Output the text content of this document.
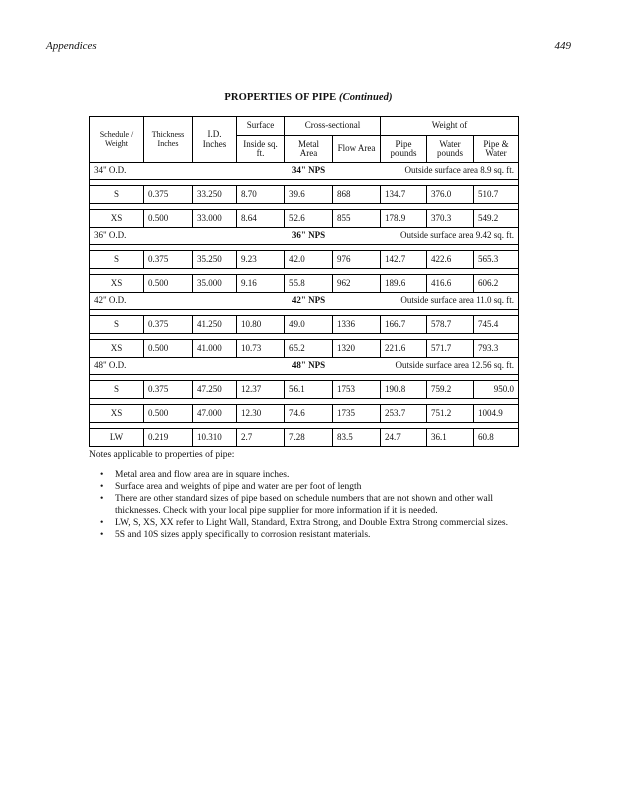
Appendices	449
PROPERTIES OF PIPE (Continued)
Schedule / Weight	Thickness Inches	I.D. Inches	Surface	Cross-sectional		Weight of		
			Inside sq. ft.	Metal Area	Flow Area	Pipe pounds	Water pounds	Pipe & Water
34" O.D.			34" NPS			Outside surface area 8.9 sq. ft.		

S	0.375	33.250	8.70	39.6	868	134.7	376.0	510.7

XS	0.500	33.000	8.64	52.6	855	178.9	370.3	549.2
36" O.D.			36" NPS			Outside surface area 9.42 sq. ft.		

S	0.375	35.250	9.23	42.0	976	142.7	422.6	565.3

XS	0.500	35.000	9.16	55.8	962	189.6	416.6	606.2
42" O.D.			42" NPS			Outside surface area 11.0 sq. ft.		

S	0.375	41.250	10.80	49.0	1336	166.7	578.7	745.4

XS	0.500	41.000	10.73	65.2	1320	221.6	571.7	793.3
48" O.D.			48" NPS			Outside surface area 12.56 sq. ft.		

S	0.375	47.250	12.37	56.1	1753	190.8	759.2	950.0

XS	0.500	47.000	12.30	74.6	1735	253.7	751.2	1004.9

LW	0.219	10.310	2.7	7.28	83.5	24.7	36.1	60.8

Notes applicable to properties of pipe:

• Metal area and flow area are in square inches.
• Surface area and weights of pipe and water are per foot of length
• There are other standard sizes of pipe based on schedule numbers that are not shown and other wall thicknesses. Check with your local pipe supplier for more information if it is needed.
• LW, S, XS, XX refer to Light Wall, Standard, Extra Strong, and Double Extra Strong commercial sizes.
• 5S and 10S sizes apply specifically to corrosion resistant materials.
